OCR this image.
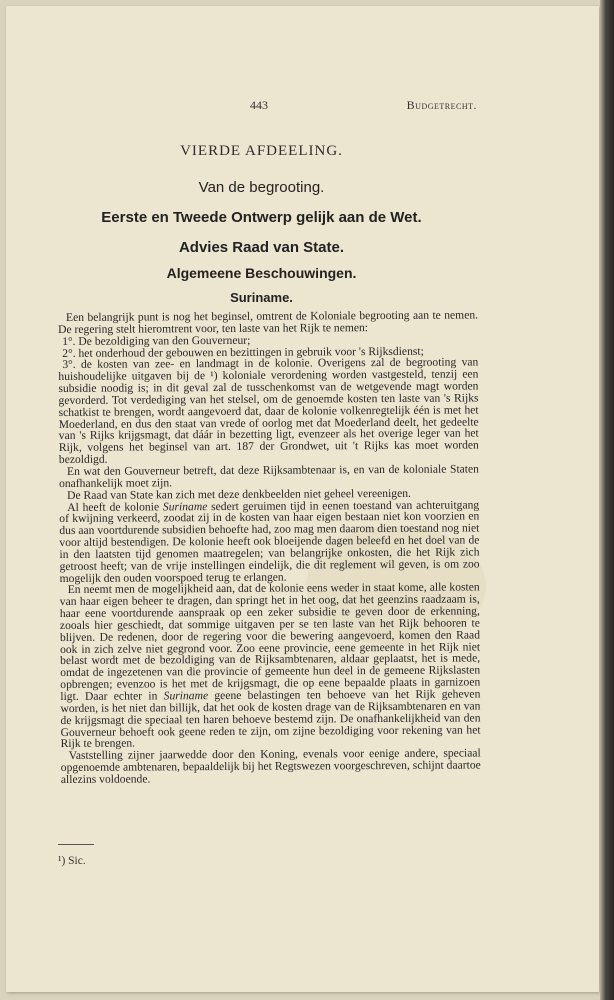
443	Budgetrecht.
VIERDE AFDEELING.
Van de begrooting.
Eerste en Tweede Ontwerp gelijk aan de Wet.
Advies Raad van State.
Algemeene Beschouwingen.
Suriname.

Een belangrijk punt is nog het beginsel, omtrent de Koloniale begrooting aan te nemen. De regering stelt hieromtrent voor, ten laste van het Rijk te nemen:

1°. De bezoldiging van den Gouverneur;

2°. het onderhoud der gebouwen en bezittingen in gebruik voor 's Rijksdienst;

3°. de kosten van zee- en landmagt in de kolonie. Overigens zal de begrooting van huishoudelijke uitgaven bij de ¹) koloniale verordening worden vastgesteld, tenzij een subsidie noodig is; in dit geval zal de tusschenkomst van de wetgevende magt worden gevorderd. Tot verdediging van het stelsel, om de genoemde kosten ten laste van 's Rijks schatkist te brengen, wordt aangevoerd dat, daar de kolonie volkenregtelijk één is met het Moederland, en dus den staat van vrede of oorlog met dat Moederland deelt, het gedeelte van 's Rijks krijgsmagt, dat dáár in bezetting ligt, evenzeer als het overige leger van het Rijk, volgens het beginsel van art. 187 der Grondwet, uit 't Rijks kas moet worden bezoldigd.

En wat den Gouverneur betreft, dat deze Rijksambtenaar is, en van de koloniale Staten onafhankelijk moet zijn.

De Raad van State kan zich met deze denkbeelden niet geheel vereenigen.

Al heeft de kolonie Suriname sedert geruimen tijd in eenen toestand van achteruitgang of kwijning verkeerd, zoodat zij in de kosten van haar eigen bestaan niet kon voorzien en dus aan voortdurende subsidien behoefte had, zoo mag men daarom dien toestand nog niet voor altijd bestendigen. De kolonie heeft ook bloeijende dagen beleefd en het doel van de in den laatsten tijd genomen maatregelen; van belangrijke onkosten, die het Rijk zich getroost heeft; van de vrije instellingen eindelijk, die dit reglement wil geven, is om zoo mogelijk den ouden voorspoed terug te erlangen.

En neemt men de mogelijkheid aan, dat de kolonie eens weder in staat kome, alle kosten van haar eigen beheer te dragen, dan springt het in het oog, dat het geenzins raadzaam is, haar eene voortdurende aanspraak op een zeker subsidie te geven door de erkenning, zooals hier geschiedt, dat sommige uitgaven per se ten laste van het Rijk behooren te blijven. De redenen, door de regering voor die bewering aangevoerd, komen den Raad ook in zich zelve niet gegrond voor. Zoo eene provincie, eene gemeente in het Rijk niet belast wordt met de bezoldiging van de Rijksambtenaren, aldaar geplaatst, het is mede, omdat de ingezetenen van die provincie of gemeente hun deel in de gemeene Rijkslasten opbrengen; evenzoo is het met de krijgsmagt, die op eene bepaalde plaats in garnizoen ligt. Daar echter in Suriname geene belastingen ten behoeve van het Rijk geheven worden, is het niet dan billijk, dat het ook de kosten drage van de Rijksambtenaren en van de krijgsmagt die speciaal ten haren behoeve bestemd zijn. De onafhankelijkheid van den Gouverneur behoeft ook geene reden te zijn, om zijne bezoldiging voor rekening van het Rijk te brengen.

Vaststelling zijner jaarwedde door den Koning, evenals voor eenige andere, speciaal opgenoemde ambtenaren, bepaaldelijk bij het Regtswezen voorgeschreven, schijnt daartoe allezins voldoende.

¹) Sic.
